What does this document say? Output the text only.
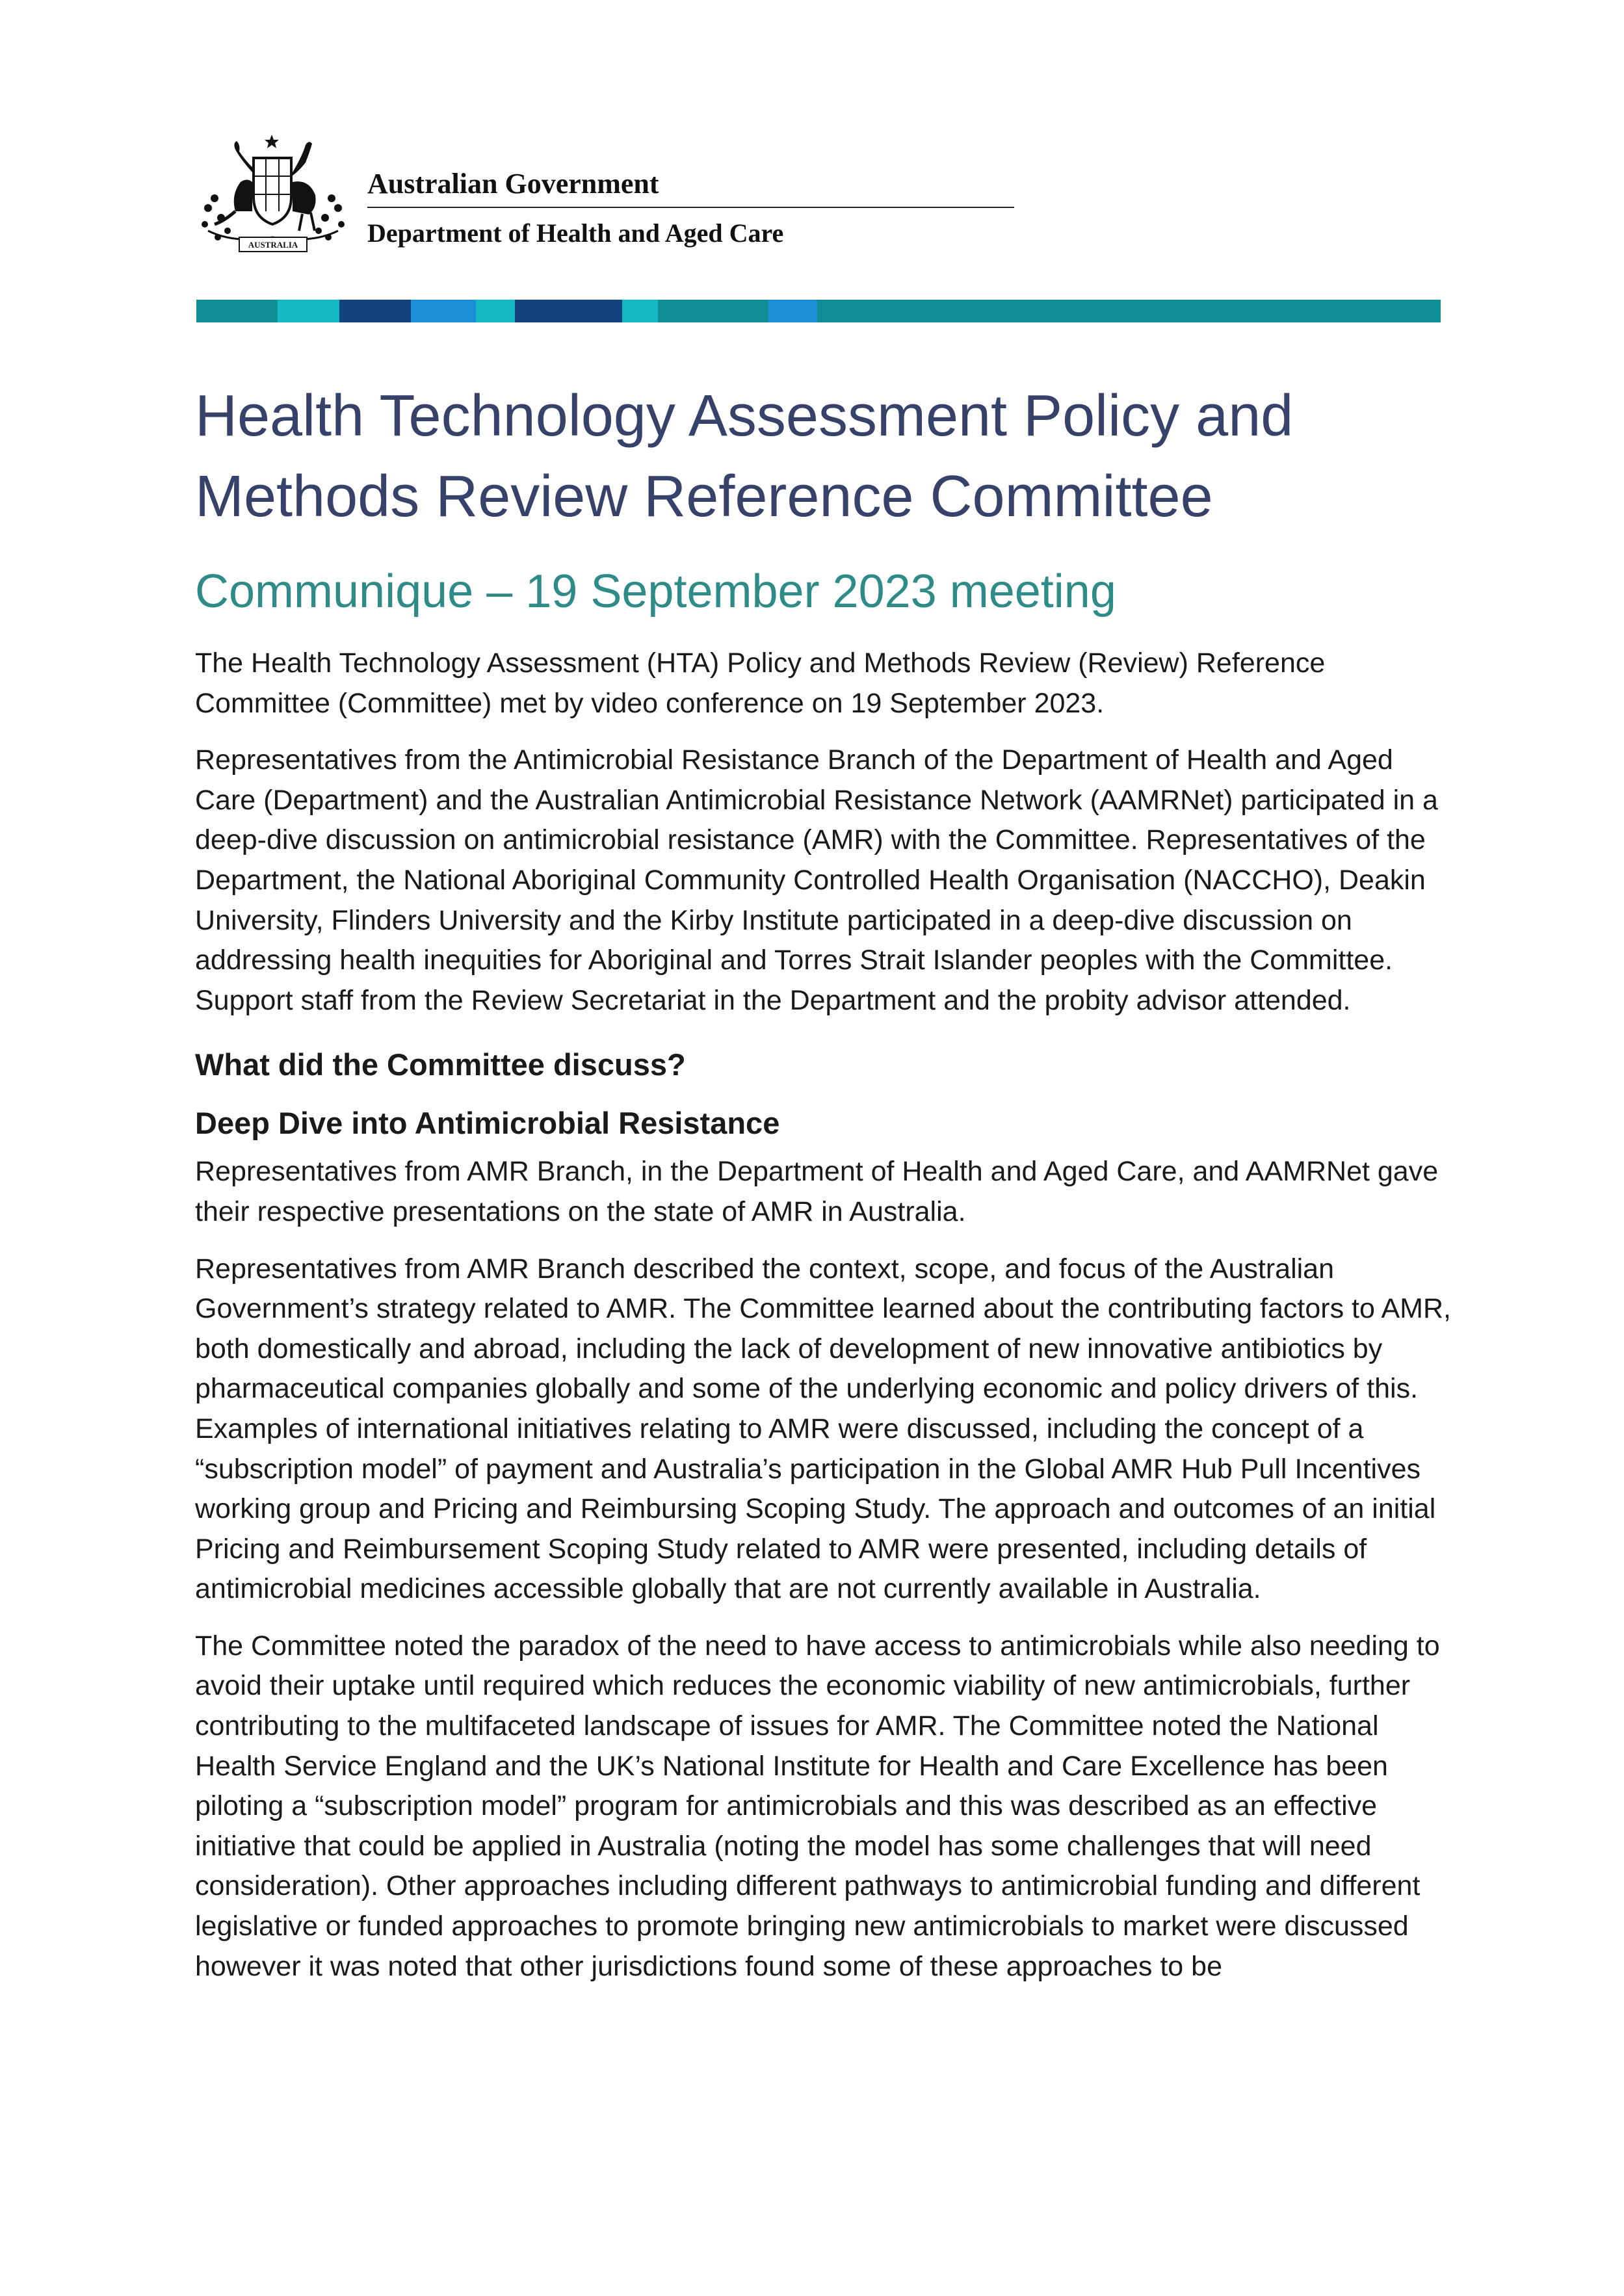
AUSTRALIA
Australian Government
Department of Health and Aged Care
Health Technology Assessment Policy and Methods Review Reference Committee
Communique – 19 September 2023 meeting

The Health Technology Assessment (HTA) Policy and Methods Review (Review) Reference Committee (Committee) met by video conference on 19 September 2023.

Representatives from the Antimicrobial Resistance Branch of the Department of Health and Aged Care (Department) and the Australian Antimicrobial Resistance Network (AAMRNet) participated in a deep-dive discussion on antimicrobial resistance (AMR) with the Committee. Representatives of the Department, the National Aboriginal Community Controlled Health Organisation (NACCHO), Deakin University, Flinders University and the Kirby Institute participated in a deep-dive discussion on addressing health inequities for Aboriginal and Torres Strait Islander peoples with the Committee. Support staff from the Review Secretariat in the Department and the probity advisor attended.

What did the Committee discuss?
Deep Dive into Antimicrobial Resistance

Representatives from AMR Branch, in the Department of Health and Aged Care, and AAMRNet gave their respective presentations on the state of AMR in Australia.

Representatives from AMR Branch described the context, scope, and focus of the Australian Government’s strategy related to AMR. The Committee learned about the contributing factors to AMR, both domestically and abroad, including the lack of development of new innovative antibiotics by pharmaceutical companies globally and some of the underlying economic and policy drivers of this. Examples of international initiatives relating to AMR were discussed, including the concept of a “subscription model” of payment and Australia’s participation in the Global AMR Hub Pull Incentives working group and Pricing and Reimbursing Scoping Study. The approach and outcomes of an initial Pricing and Reimbursement Scoping Study related to AMR were presented, including details of antimicrobial medicines accessible globally that are not currently available in Australia.

The Committee noted the paradox of the need to have access to antimicrobials while also needing to avoid their uptake until required which reduces the economic viability of new antimicrobials, further contributing to the multifaceted landscape of issues for AMR. The Committee noted the National Health Service England and the UK’s National Institute for Health and Care Excellence has been piloting a “subscription model” program for antimicrobials and this was described as an effective initiative that could be applied in Australia (noting the model has some challenges that will need consideration). Other approaches including different pathways to antimicrobial funding and different legislative or funded approaches to promote bringing new antimicrobials to market were discussed however it was noted that other jurisdictions found some of these approaches to be
